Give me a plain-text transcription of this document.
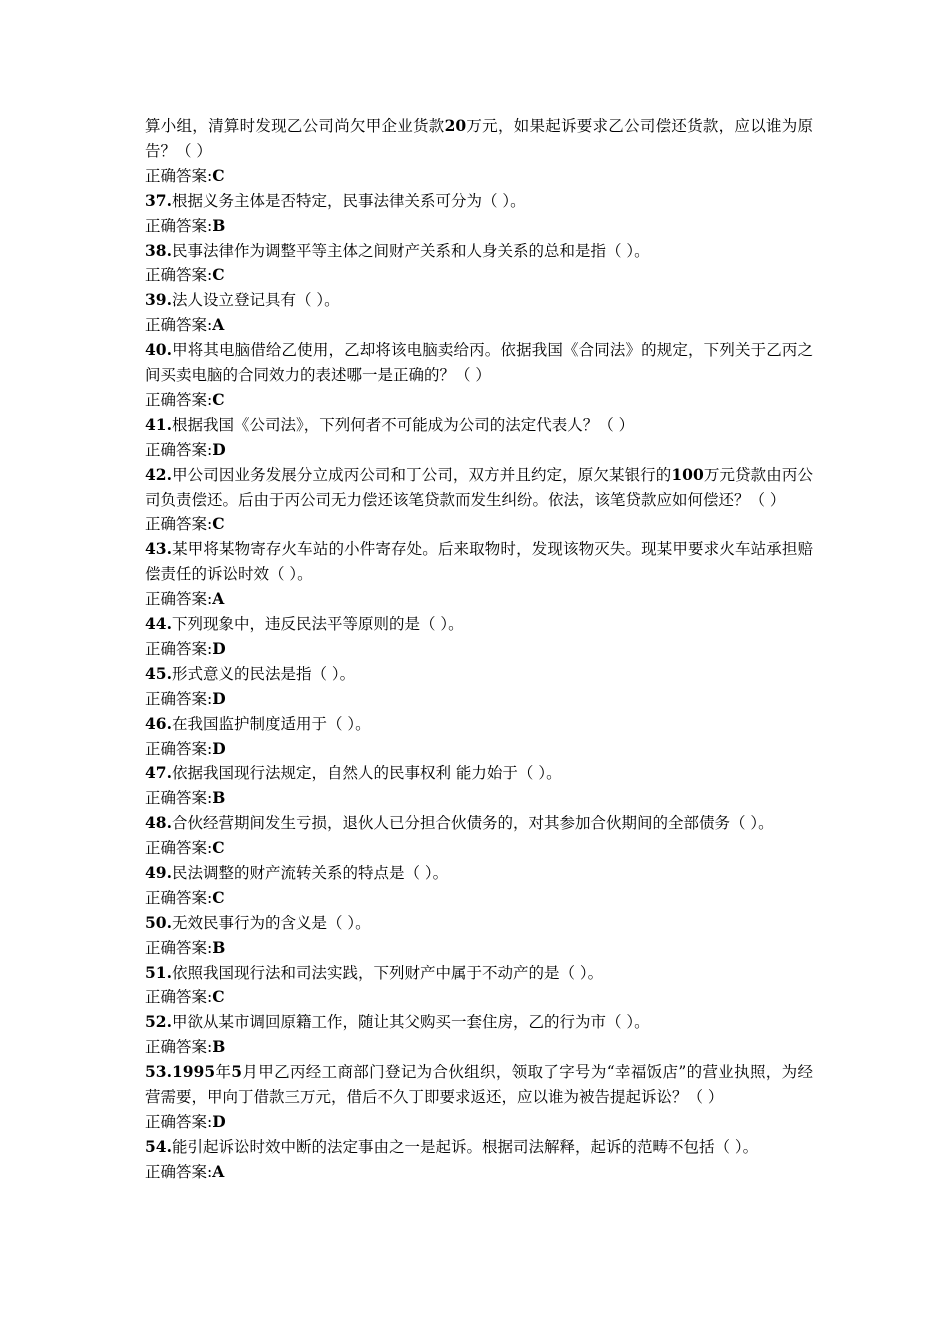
算小组，清算时发现乙公司尚欠甲企业货款20万元，如果起诉要求乙公司偿还货款，应以谁为原告？（ ）
正确答案:C
37.根据义务主体是否特定，民事法律关系可分为（ ）。
正确答案:B
38.民事法律作为调整平等主体之间财产关系和人身关系的总和是指（ ）。
正确答案:C
39.法人设立登记具有（ ）。
正确答案:A
40.甲将其电脑借给乙使用，乙却将该电脑卖给丙。依据我国《合同法》的规定，下列关于乙丙之间买卖电脑的合同效力的表述哪一是正确的？（ ）
正确答案:C
41.根据我国《公司法》，下列何者不可能成为公司的法定代表人？（ ）
正确答案:D
42.甲公司因业务发展分立成丙公司和丁公司，双方并且约定，原欠某银行的100万元贷款由丙公司负责偿还。后由于丙公司无力偿还该笔贷款而发生纠纷。依法，该笔贷款应如何偿还？（ ）
正确答案:C
43.某甲将某物寄存火车站的小件寄存处。后来取物时，发现该物灭失。现某甲要求火车站承担赔偿责任的诉讼时效（ ）。
正确答案:A
44.下列现象中，违反民法平等原则的是（ ）。
正确答案:D
45.形式意义的民法是指（ ）。
正确答案:D
46.在我国监护制度适用于（ ）。
正确答案:D
47.依据我国现行法规定，自然人的民事权利 能力始于（ ）。
正确答案:B
48.合伙经营期间发生亏损，退伙人已分担合伙债务的，对其参加合伙期间的全部债务（ ）。
正确答案:C
49.民法调整的财产流转关系的特点是（ ）。
正确答案:C
50.无效民事行为的含义是（ ）。
正确答案:B
51.依照我国现行法和司法实践，下列财产中属于不动产的是（ ）。
正确答案:C
52.甲欲从某市调回原籍工作，随让其父购买一套住房，乙的行为市（ ）。
正确答案:B
53.1995年5月甲乙丙经工商部门登记为合伙组织，领取了字号为“幸福饭店”的营业执照，为经营需要，甲向丁借款三万元，借后不久丁即要求返还，应以谁为被告提起诉讼？（ ）
正确答案:D
54.能引起诉讼时效中断的法定事由之一是起诉。根据司法解释，起诉的范畴不包括（ ）。
正确答案:A
